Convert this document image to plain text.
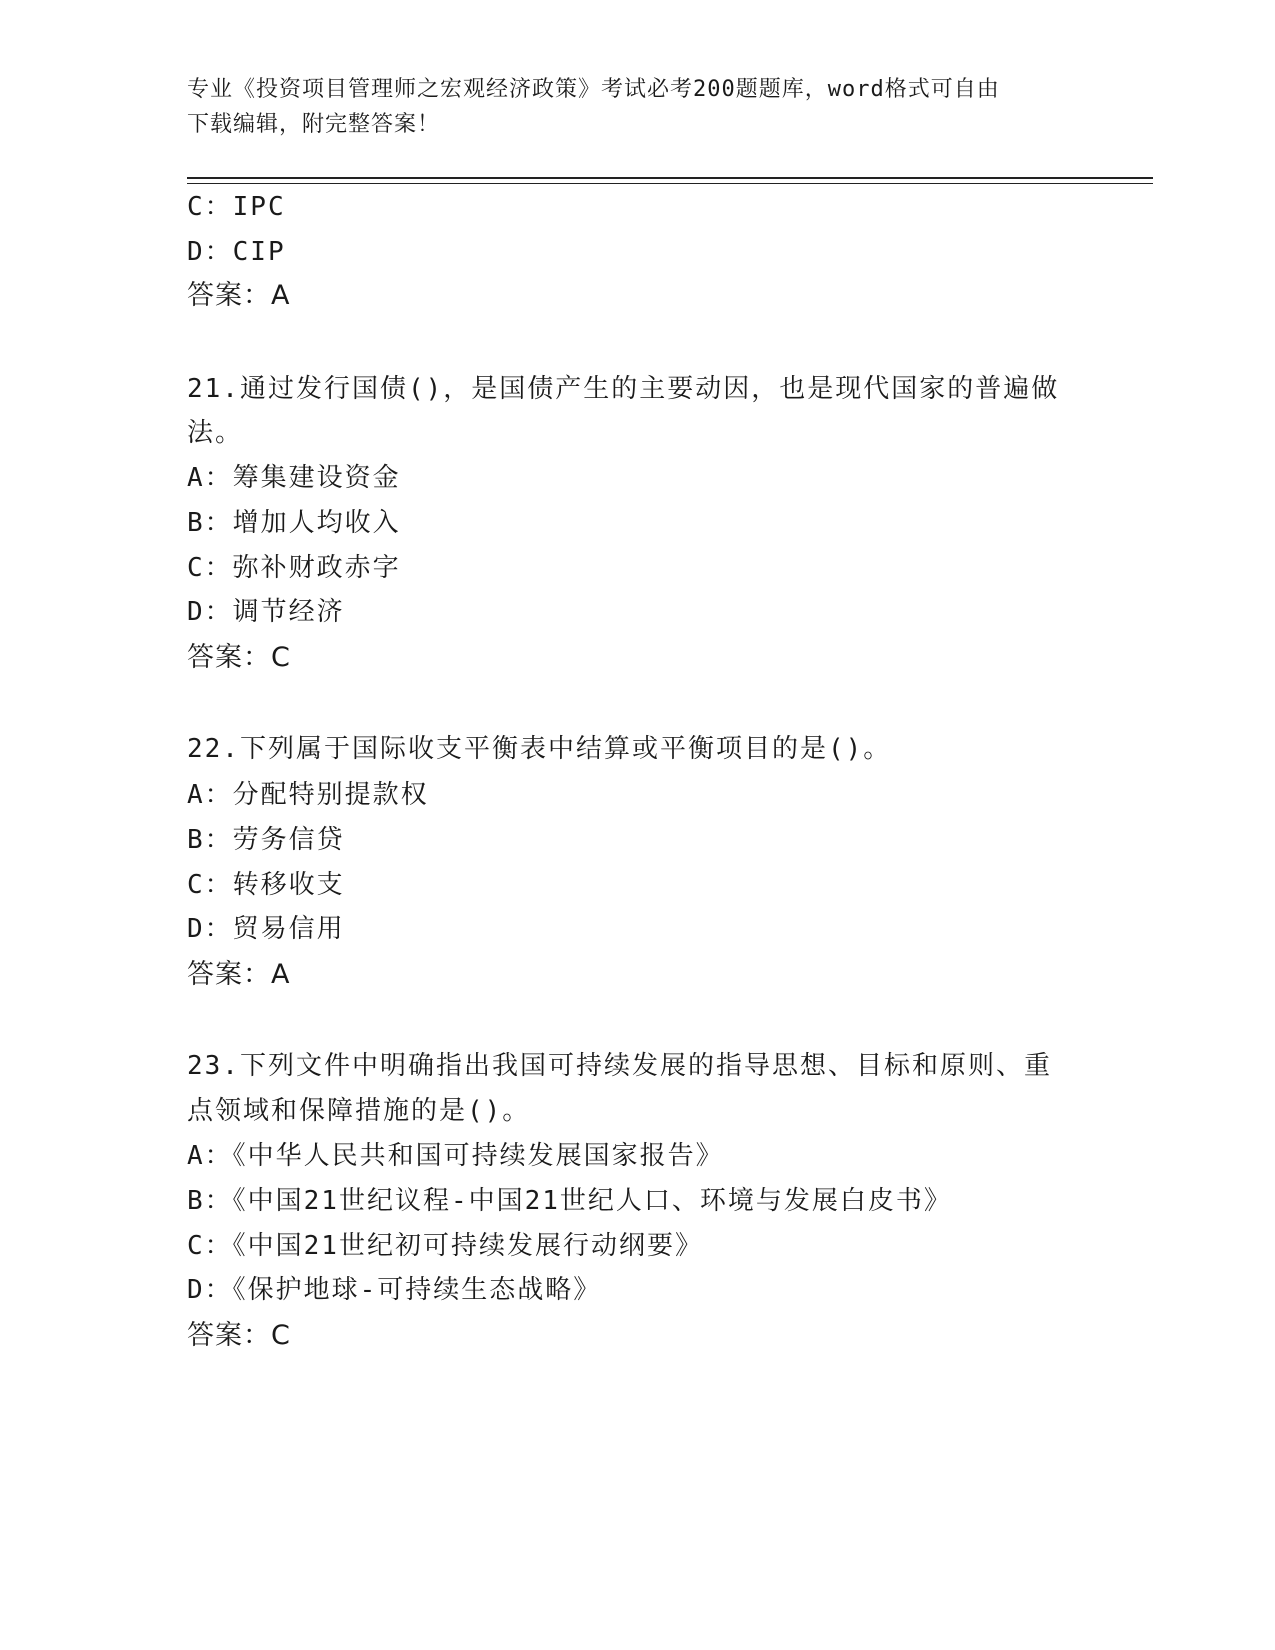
专业《投资项目管理师之宏观经济政策》考试必考200题题库，word格式可自由
下载编辑，附完整答案！
C：IPC
D：CIP
答案：A
21.通过发行国债()，是国债产生的主要动因，也是现代国家的普遍做
法。
A：筹集建设资金
B：增加人均收入
C：弥补财政赤字
D：调节经济
答案：C
22.下列属于国际收支平衡表中结算或平衡项目的是()。
A：分配特别提款权
B：劳务信贷
C：转移收支
D：贸易信用
答案：A
23.下列文件中明确指出我国可持续发展的指导思想、目标和原则、重
点领域和保障措施的是()。
A：《中华人民共和国可持续发展国家报告》
B：《中国21世纪议程-中国21世纪人口、环境与发展白皮书》
C：《中国21世纪初可持续发展行动纲要》
D：《保护地球-可持续生态战略》
答案：C
